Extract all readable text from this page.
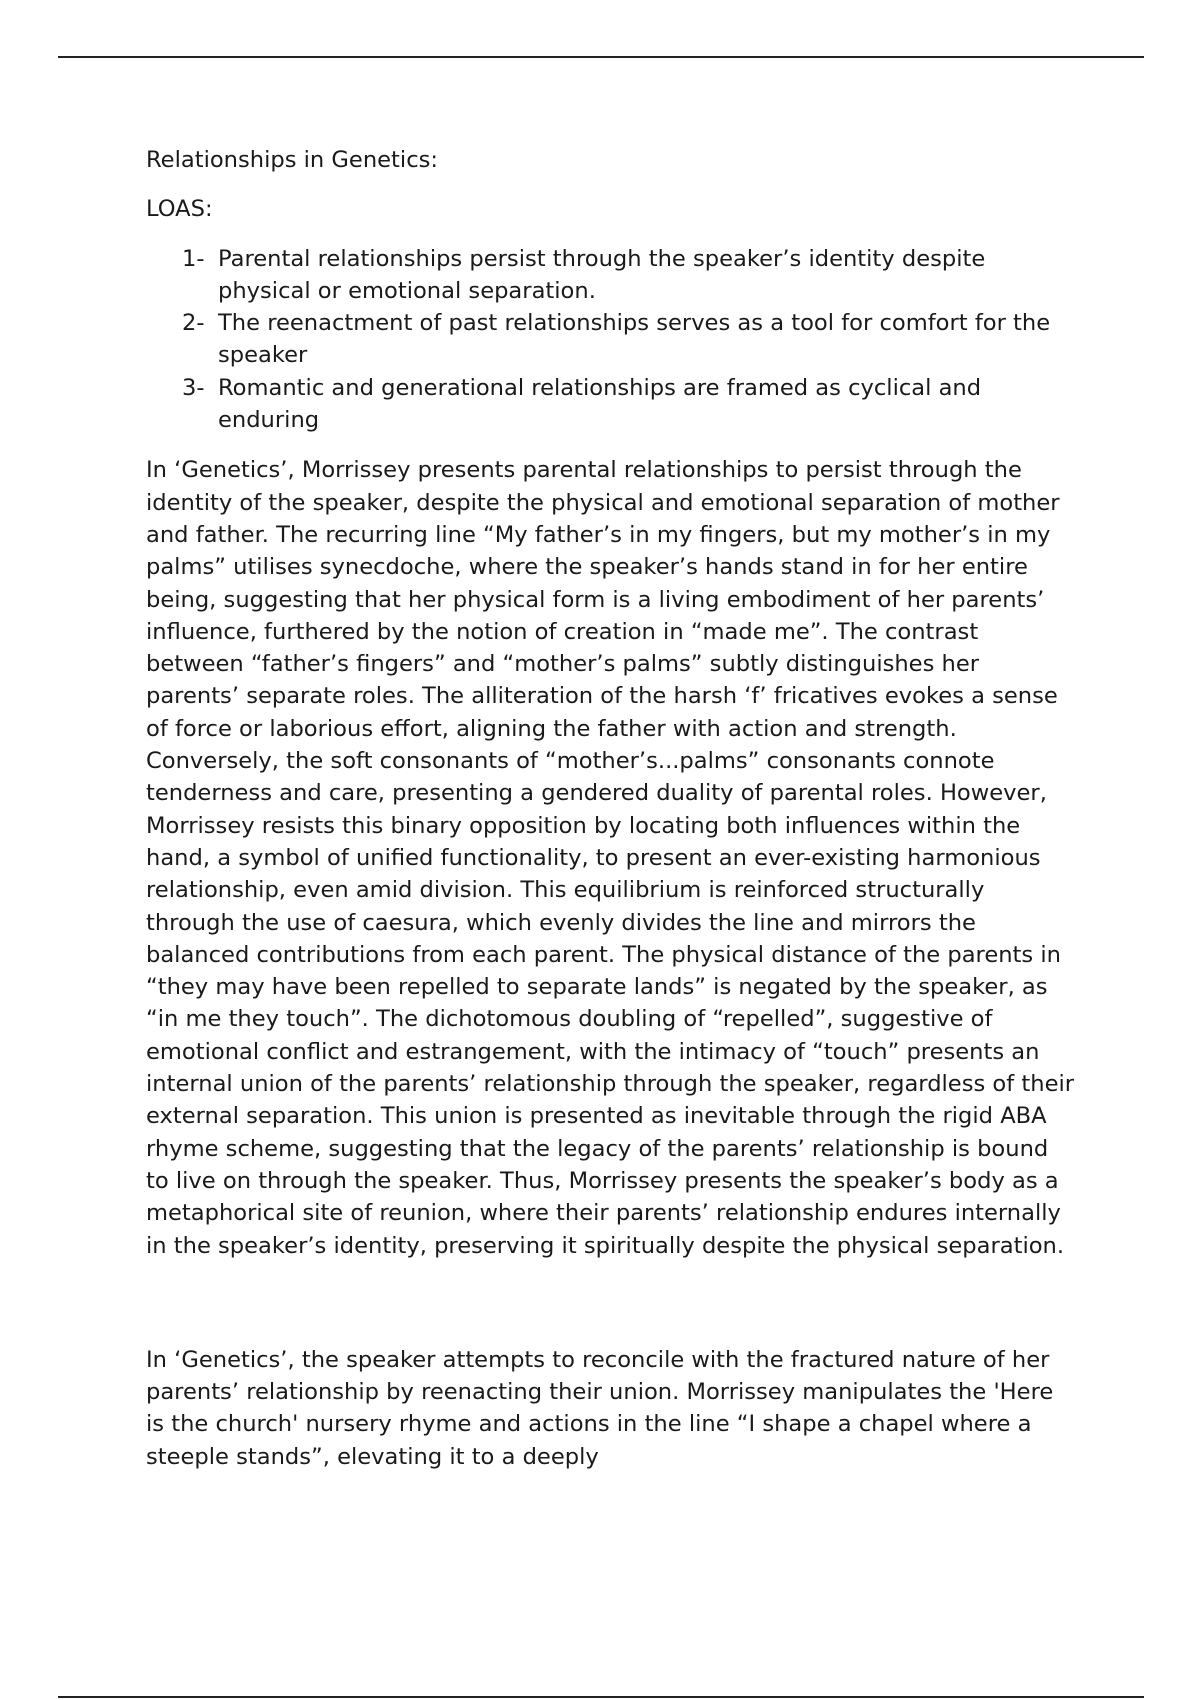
Relationships in Genetics:

LOAS:

1- Parental relationships persist through the speaker’s identity despite physical or emotional separation.
2- The reenactment of past relationships serves as a tool for comfort for the speaker
3- Romantic and generational relationships are framed as cyclical and enduring

In ‘Genetics’, Morrissey presents parental relationships to persist through the identity of the speaker, despite the physical and emotional separation of mother and father. The recurring line “My father’s in my fingers, but my mother’s in my palms” utilises synecdoche, where the speaker’s hands stand in for her entire being, suggesting that her physical form is a living embodiment of her parents’ influence, furthered by the notion of creation in “made me”. The contrast between “father’s fingers” and “mother’s palms” subtly distinguishes her parents’ separate roles. The alliteration of the harsh ‘f’ fricatives evokes a sense of force or laborious effort, aligning the father with action and strength. Conversely, the soft consonants of “mother’s...palms” consonants connote tenderness and care, presenting a gendered duality of parental roles. However, Morrissey resists this binary opposition by locating both influences within the hand, a symbol of unified functionality, to present an ever-existing harmonious relationship, even amid division. This equilibrium is reinforced structurally through the use of caesura, which evenly divides the line and mirrors the balanced contributions from each parent. The physical distance of the parents in “they may have been repelled to separate lands” is negated by the speaker, as “in me they touch”. The dichotomous doubling of “repelled”, suggestive of emotional conflict and estrangement, with the intimacy of “touch” presents an internal union of the parents’ relationship through the speaker, regardless of their external separation. This union is presented as inevitable through the rigid ABA rhyme scheme, suggesting that the legacy of the parents’ relationship is bound to live on through the speaker. Thus, Morrissey presents the speaker’s body as a metaphorical site of reunion, where their parents’ relationship endures internally in the speaker’s identity, preserving it spiritually despite the physical separation.

In ‘Genetics’, the speaker attempts to reconcile with the fractured nature of her parents’ relationship by reenacting their union. Morrissey manipulates the 'Here is the church' nursery rhyme and actions in the line “I shape a chapel where a steeple stands”, elevating it to a deeply
